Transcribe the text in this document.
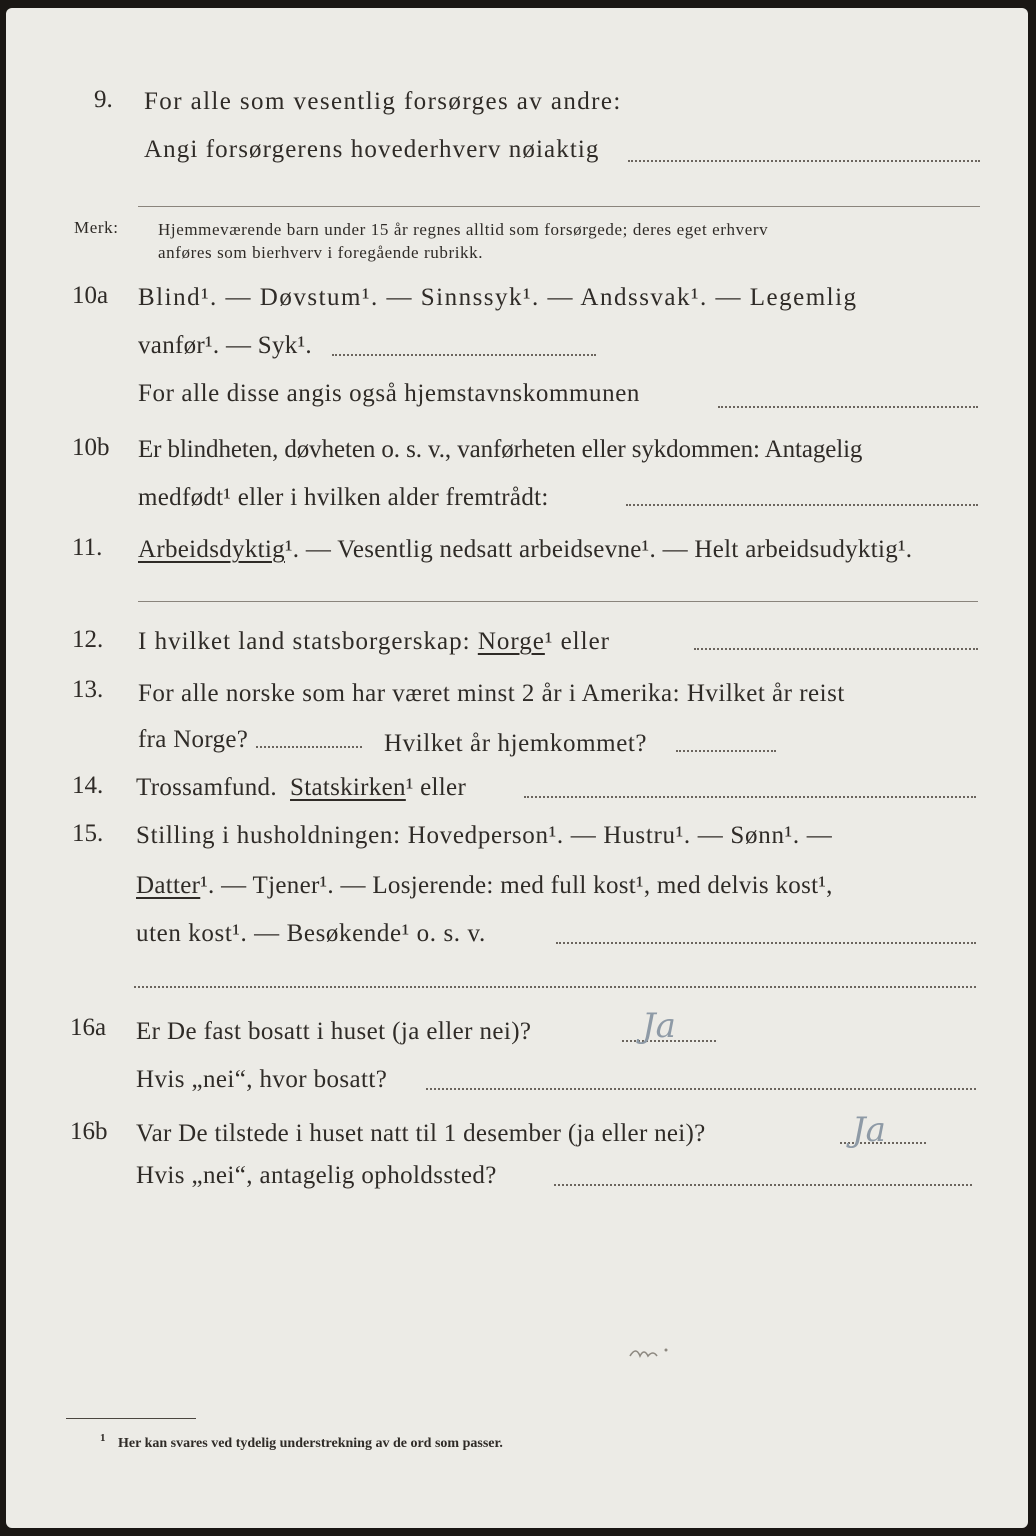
9. For alle som vesentlig forsørges av andre:
Angi forsørgerens hovederhverv nøiaktig
Merk: Hjemmeværende barn under 15 år regnes alltid som forsørgede; deres eget erhverv
anføres som bierhverv i foregående rubrikk.
10a Blind¹. — Døvstum¹. — Sinnssyk¹. — Andssvak¹. — Legemlig
vanfør¹. — Syk¹.
For alle disse angis også hjemstavnskommunen
10b Er blindheten, døvheten o. s. v., vanførheten eller sykdommen: Antagelig
medfødt¹ eller i hvilken alder fremtrådt:
11. Arbeidsdyktig¹. — Vesentlig nedsatt arbeidsevne¹. — Helt arbeidsudyktig¹.
12. I hvilket land statsborgerskap: Norge¹ eller
13. For alle norske som har været minst 2 år i Amerika: Hvilket år reist
fra Norge?	Hvilket år hjemkommet?
14. Trossamfund. Statskirken¹ eller
15. Stilling i husholdningen: Hovedperson¹. — Hustru¹. — Sønn¹. —
Datter¹. — Tjener¹. — Losjerende: med full kost¹, med delvis kost¹,
uten kost¹. — Besøkende¹ o. s. v.
16a Er De fast bosatt i huset (ja eller nei)?	Ja
Hvis „nei“, hvor bosatt?
16b Var De tilstede i huset natt til 1 desember (ja eller nei)?	Ja
Hvis „nei“, antagelig opholdssted?
1 Her kan svares ved tydelig understrekning av de ord som passer.
